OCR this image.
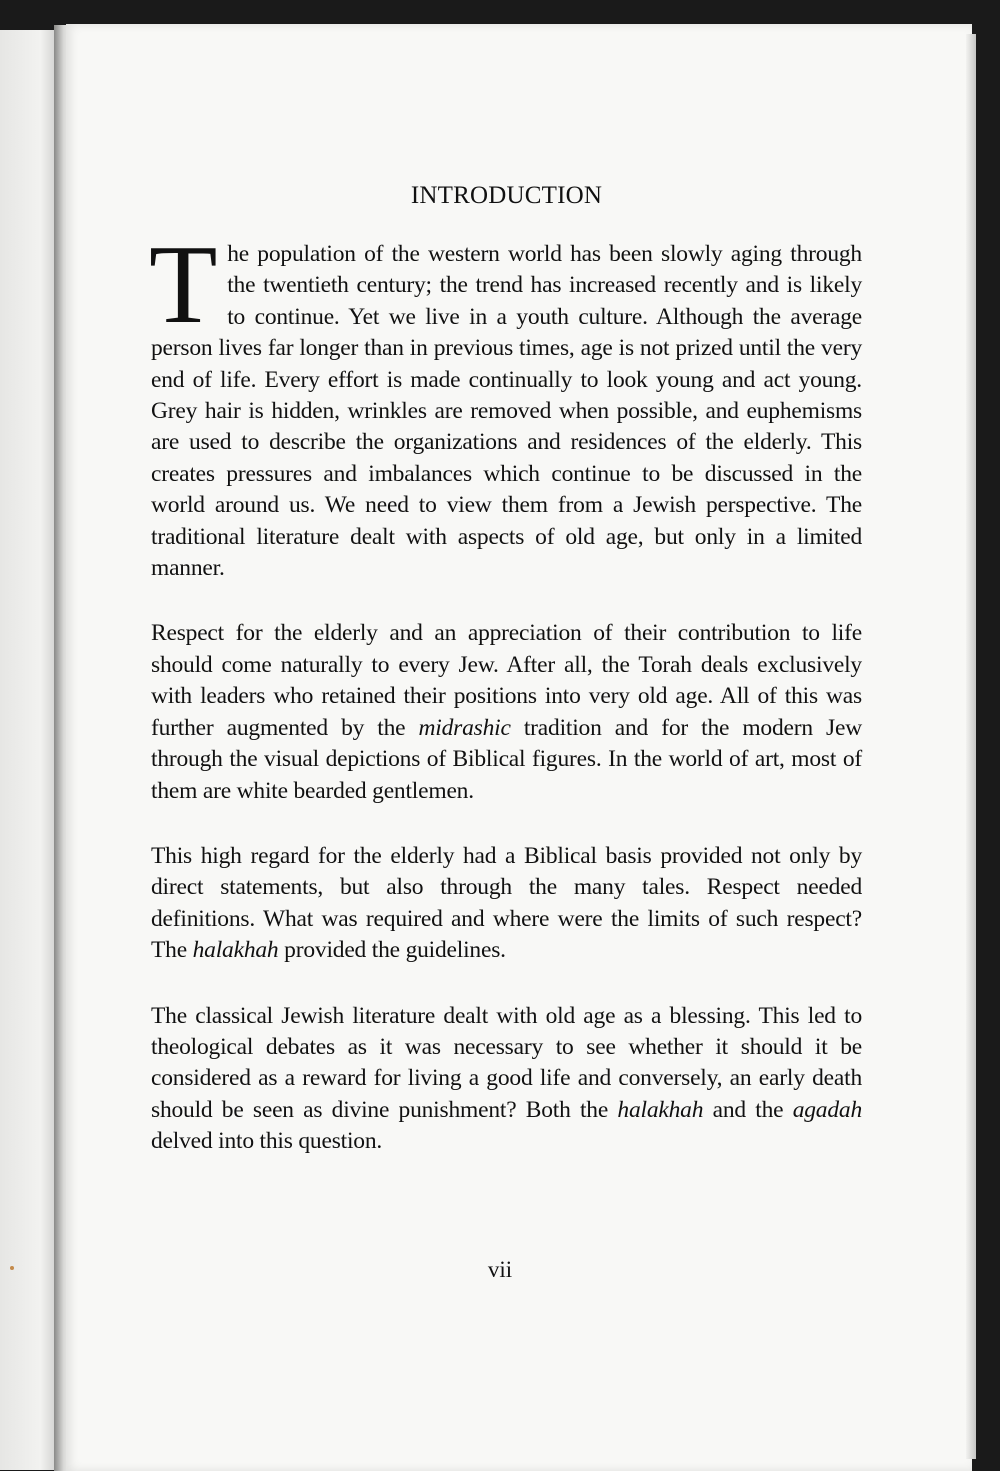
INTRODUCTION

The population of the western world has been slowly aging through the twentieth century; the trend has increased recently and is likely to continue. Yet we live in a youth culture. Although the average person lives far longer than in previous times, age is not prized until the very end of life. Every effort is made continually to look young and act young. Grey hair is hidden, wrinkles are removed when possible, and euphemisms are used to describe the organizations and residences of the elderly. This creates pressures and imbalances which continue to be discussed in the world around us. We need to view them from a Jewish perspective. The traditional literature dealt with aspects of old age, but only in a limited manner.

Respect for the elderly and an appreciation of their contribution to life should come naturally to every Jew. After all, the Torah deals exclusively with leaders who retained their positions into very old age. All of this was further augmented by the midrashic tradition and for the modern Jew through the visual depictions of Biblical figures. In the world of art, most of them are white bearded gentlemen.

This high regard for the elderly had a Biblical basis provided not only by direct statements, but also through the many tales. Respect needed definitions. What was required and where were the limits of such respect? The halakhah provided the guidelines.

The classical Jewish literature dealt with old age as a blessing. This led to theological debates as it was necessary to see whether it should it be considered as a reward for living a good life and conversely, an early death should be seen as divine punishment? Both the halakhah and the agadah delved into this question.

vii
